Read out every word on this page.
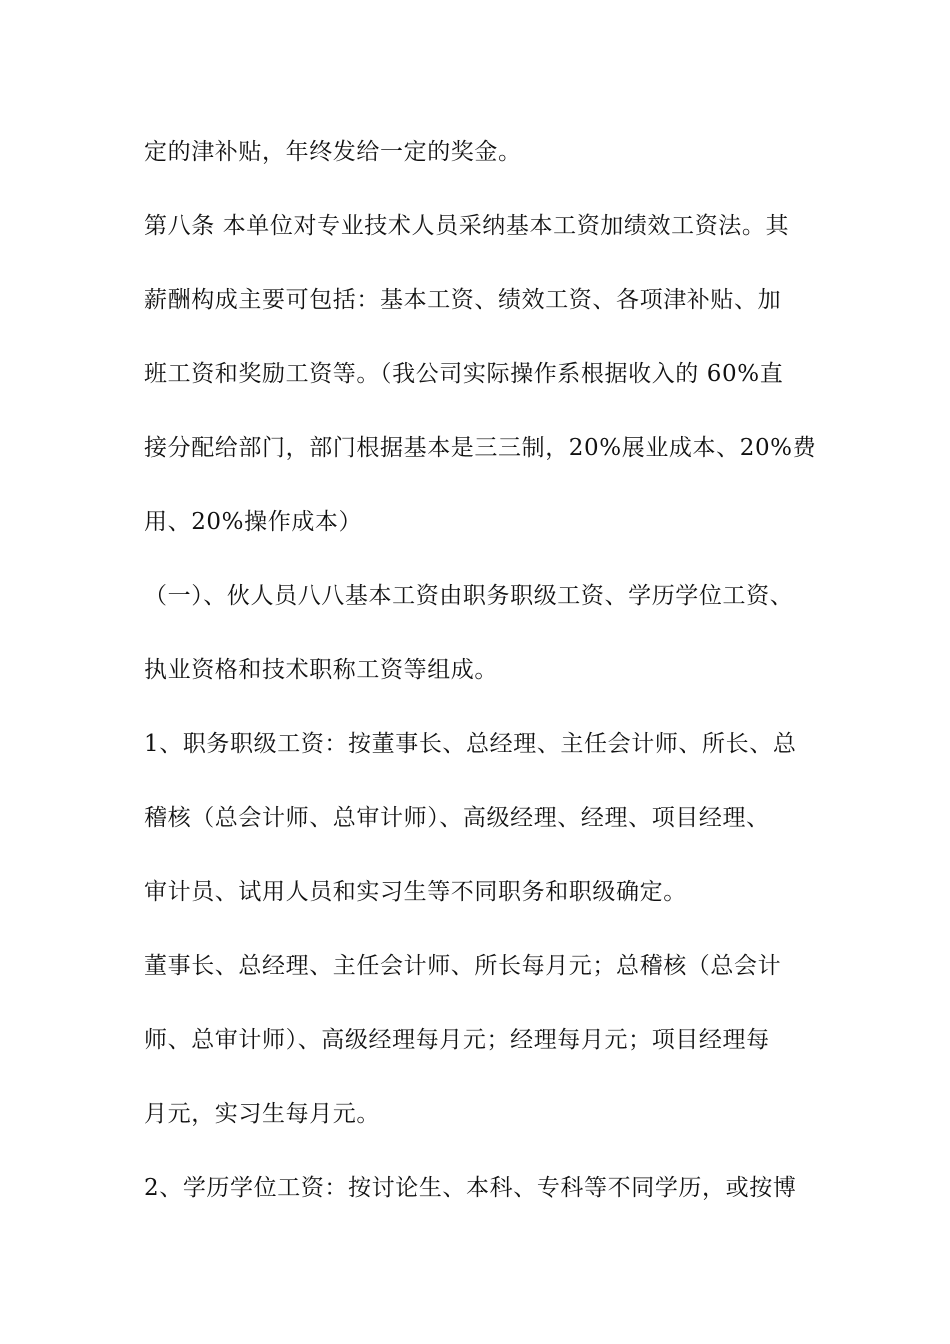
定的津补贴，年终发给一定的奖金。
第八条 本单位对专业技术人员采纳基本工资加绩效工资法。其
薪酬构成主要可包括：基本工资、绩效工资、各项津补贴、加
班工资和奖励工资等。（我公司实际操作系根据收入的 60%直
接分配给部门，部门根据基本是三三制，20%展业成本、20%费
用、20%操作成本）
（一）、伙人员八八基本工资由职务职级工资、学历学位工资、
执业资格和技术职称工资等组成。
1、职务职级工资：按董事长、总经理、主任会计师、所长、总
稽核（总会计师、总审计师）、高级经理、经理、项目经理、
审计员、试用人员和实习生等不同职务和职级确定。
董事长、总经理、主任会计师、所长每月元；总稽核（总会计
师、总审计师）、高级经理每月元；经理每月元；项目经理每
月元，实习生每月元。
2、学历学位工资：按讨论生、本科、专科等不同学历，或按博
